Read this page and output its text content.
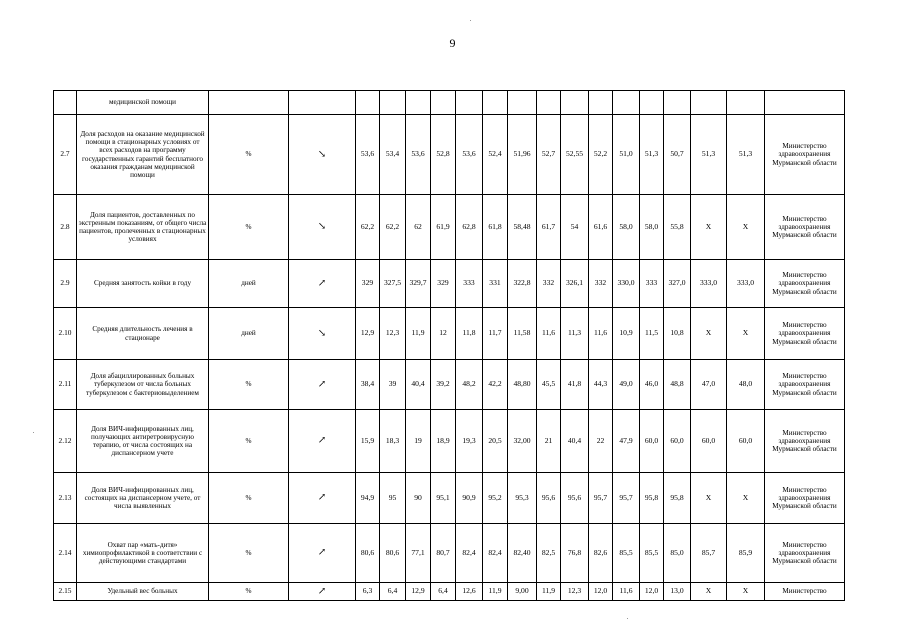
9
	медицинской помощи																		
2.7	Доля расходов на оказание медицинской помощи в стационарных условиях от всех расходов на программу государственных гарантий бесплатного оказания гражданам медицинской помощи	%	↘	53,6	53,4	53,6	52,8	53,6	52,4	51,96	52,7	52,55	52,2	51,0	51,3	50,7	51,3	51,3	Министерство здравоохранения Мурманской области
2.8	Доля пациентов, доставленных по экстренным показаниям, от общего числа пациентов, пролеченных в стационарных условиях	%	↘	62,2	62,2	62	61,9	62,8	61,8	58,48	61,7	54	61,6	58,0	58,0	55,8	X	X	Министерство здравоохранения Мурманской области
2.9	Средняя занятость койки в году	дней	↗	329	327,5	329,7	329	333	331	322,8	332	326,1	332	330,0	333	327,0	333,0	333,0	Министерство здравоохранения Мурманской области
2.10	Средняя длительность лечения в стационаре	дней	↘	12,9	12,3	11,9	12	11,8	11,7	11,58	11,6	11,3	11,6	10,9	11,5	10,8	X	X	Министерство здравоохранения Мурманской области
2.11	Доля абациллированных больных туберкулезом от числа больных туберкулезом с бактериовыделением	%	↗	38,4	39	40,4	39,2	48,2	42,2	48,80	45,5	41,8	44,3	49,0	46,0	48,8	47,0	48,0	Министерство здравоохранения Мурманской области
2.12	Доля ВИЧ-инфицированных лиц, получающих антиретровирусную терапию, от числа состоящих на диспансерном учете	%	↗	15,9	18,3	19	18,9	19,3	20,5	32,00	21	40,4	22	47,9	60,0	60,0	60,0	60,0	Министерство здравоохранения Мурманской области
2.13	Доля ВИЧ-инфицированных лиц, состоящих на диспансерном учете, от числа выявленных	%	↗	94,9	95	90	95,1	90,9	95,2	95,3	95,6	95,6	95,7	95,7	95,8	95,8	X	X	Министерство здравоохранения Мурманской области
2.14	Охват пар «мать-дитя» химиопрофилактикой в соответствии с действующими стандартами	%	↗	80,6	80,6	77,1	80,7	82,4	82,4	82,40	82,5	76,8	82,6	85,5	85,5	85,0	85,7	85,9	Министерство здравоохранения Мурманской области
2.15	Удельный вес больных	%	↗	6,3	6,4	12,9	6,4	12,6	11,9	9,00	11,9	12,3	12,0	11,6	12,0	13,0	X	X	Министерство
